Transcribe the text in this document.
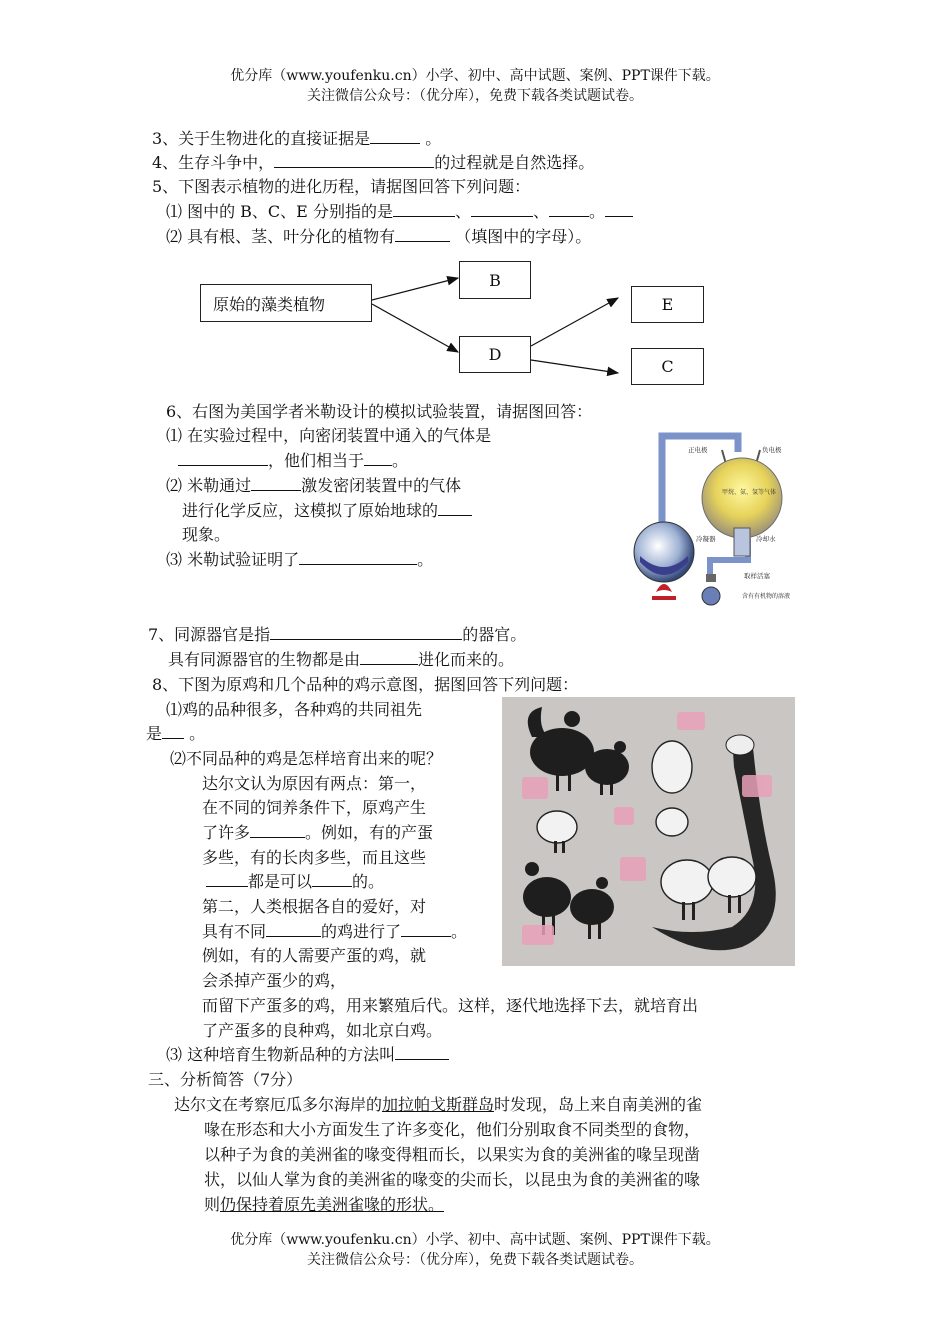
优分库（www.youfenku.cn）小学、初中、高中试题、案例、PPT课件下载。
关注微信公众号：（优分库），免费下载各类试题试卷。
3、关于生物进化的直接证据是	。
4、生存斗争中，	的过程就是自然选择。
5、下图表示植物的进化历程，请据图回答下列问题：
⑴ 图中的 B、C、E 分别指的是	、	、	。
⑵ 具有根、茎、叶分化的植物有	（填图中的字母）。
原始的藻类植物
B
D
E
C
6、右图为美国学者米勒设计的模拟试验装置，请据图回答：
⑴ 在实验过程中，向密闭装置中通入的气体是
，他们相当于 。
⑵ 米勒通过	激发密闭装置中的气体
进行化学反应，这模拟了原始地球的
现象。
⑶ 米勒试验证明了	。
正电极	负电极
甲烷、氨、氢等气体
冷凝器	冷却水
取样活塞
含有有机物的溶液
7、同源器官是指	的器官。
具有同源器官的生物都是由	进化而来的。
8、下图为原鸡和几个品种的鸡示意图，据图回答下列问题：
⑴鸡的品种很多，各种鸡的共同祖先
是 。
⑵不同品种的鸡是怎样培育出来的呢？
达尔文认为原因有两点：第一，
在不同的饲养条件下，原鸡产生
了许多	。例如，有的产蛋
多些，有的长肉多些，而且这些
都是可以	的。
第二，人类根据各自的爱好，对
具有不同	的鸡进行了	。
例如，有的人需要产蛋的鸡，就
会杀掉产蛋少的鸡，
而留下产蛋多的鸡，用来繁殖后代。这样，逐代地选择下去，就培育出
了产蛋多的良种鸡，如北京白鸡。
⑶ 这种培育生物新品种的方法叫
三、分析简答（7分）
达尔文在考察厄瓜多尔海岸的加拉帕戈斯群岛时发现，岛上来自南美洲的雀
喙在形态和大小方面发生了许多变化，他们分别取食不同类型的食物，
以种子为食的美洲雀的喙变得粗而长，以果实为食的美洲雀的喙呈现凿
状，以仙人掌为食的美洲雀的喙变的尖而长，以昆虫为食的美洲雀的喙
则仍保持着原先美洲雀喙的形状。
优分库（www.youfenku.cn）小学、初中、高中试题、案例、PPT课件下载。
关注微信公众号：（优分库），免费下载各类试题试卷。
